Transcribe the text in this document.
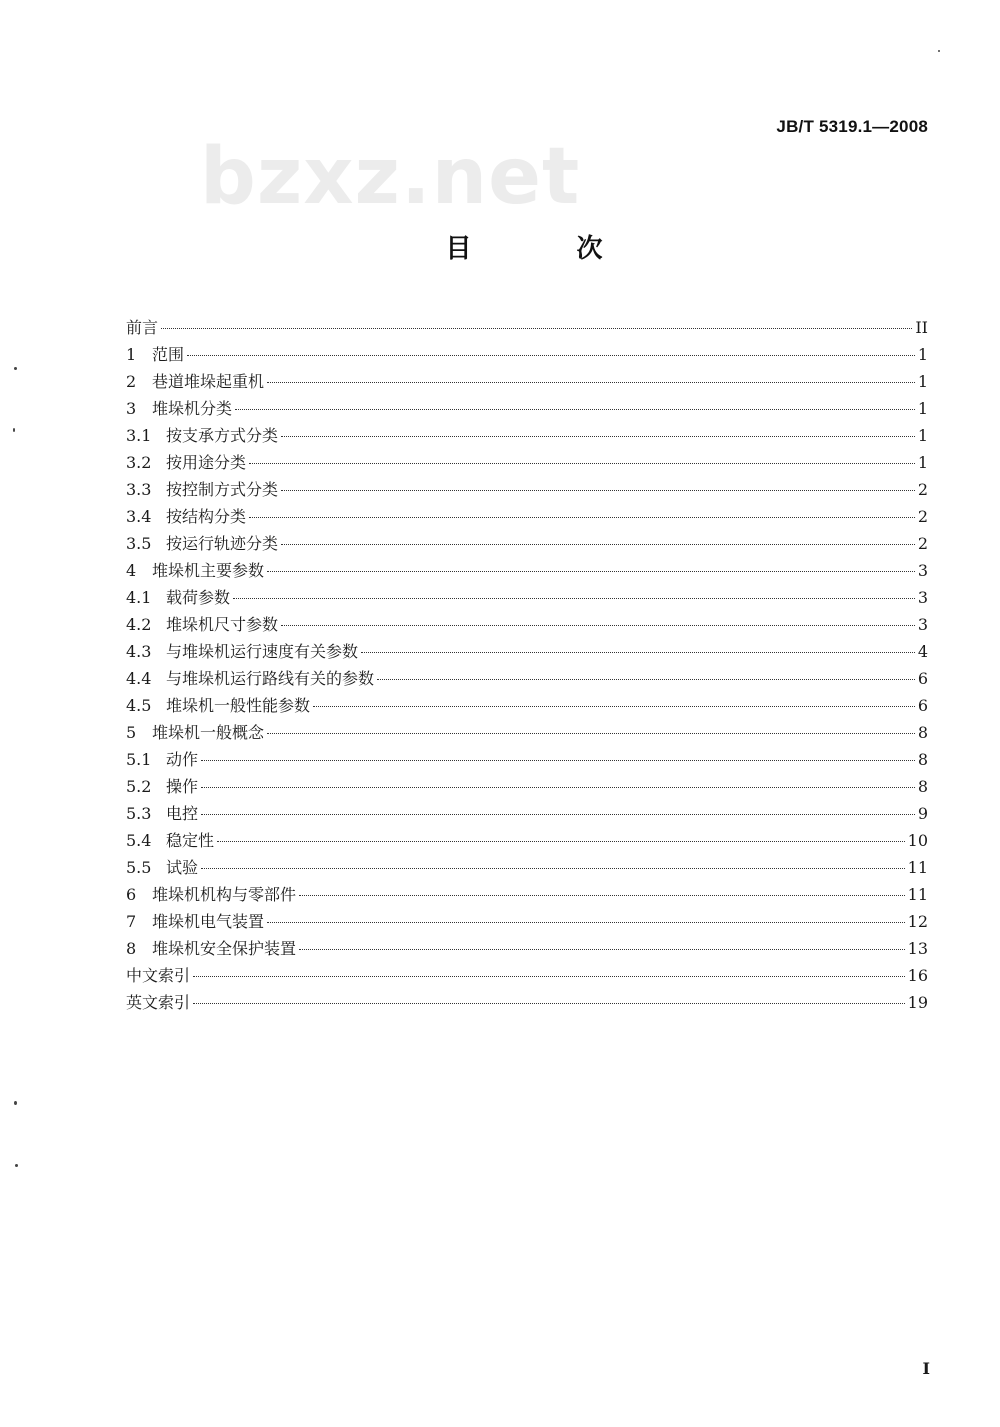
JB/T 5319.1—2008
bzxz.net
目 次
前言	II
1 范围	1
2 巷道堆垛起重机	1
3 堆垛机分类	1
3.1 按支承方式分类	1
3.2 按用途分类	1
3.3 按控制方式分类	2
3.4 按结构分类	2
3.5 按运行轨迹分类	2
4 堆垛机主要参数	3
4.1 载荷参数	3
4.2 堆垛机尺寸参数	3
4.3 与堆垛机运行速度有关参数	4
4.4 与堆垛机运行路线有关的参数	6
4.5 堆垛机一般性能参数	6
5 堆垛机一般概念	8
5.1 动作	8
5.2 操作	8
5.3 电控	9
5.4 稳定性	10
5.5 试验	11
6 堆垛机机构与零部件	11
7 堆垛机电气装置	12
8 堆垛机安全保护装置	13
中文索引	16
英文索引	19
I
